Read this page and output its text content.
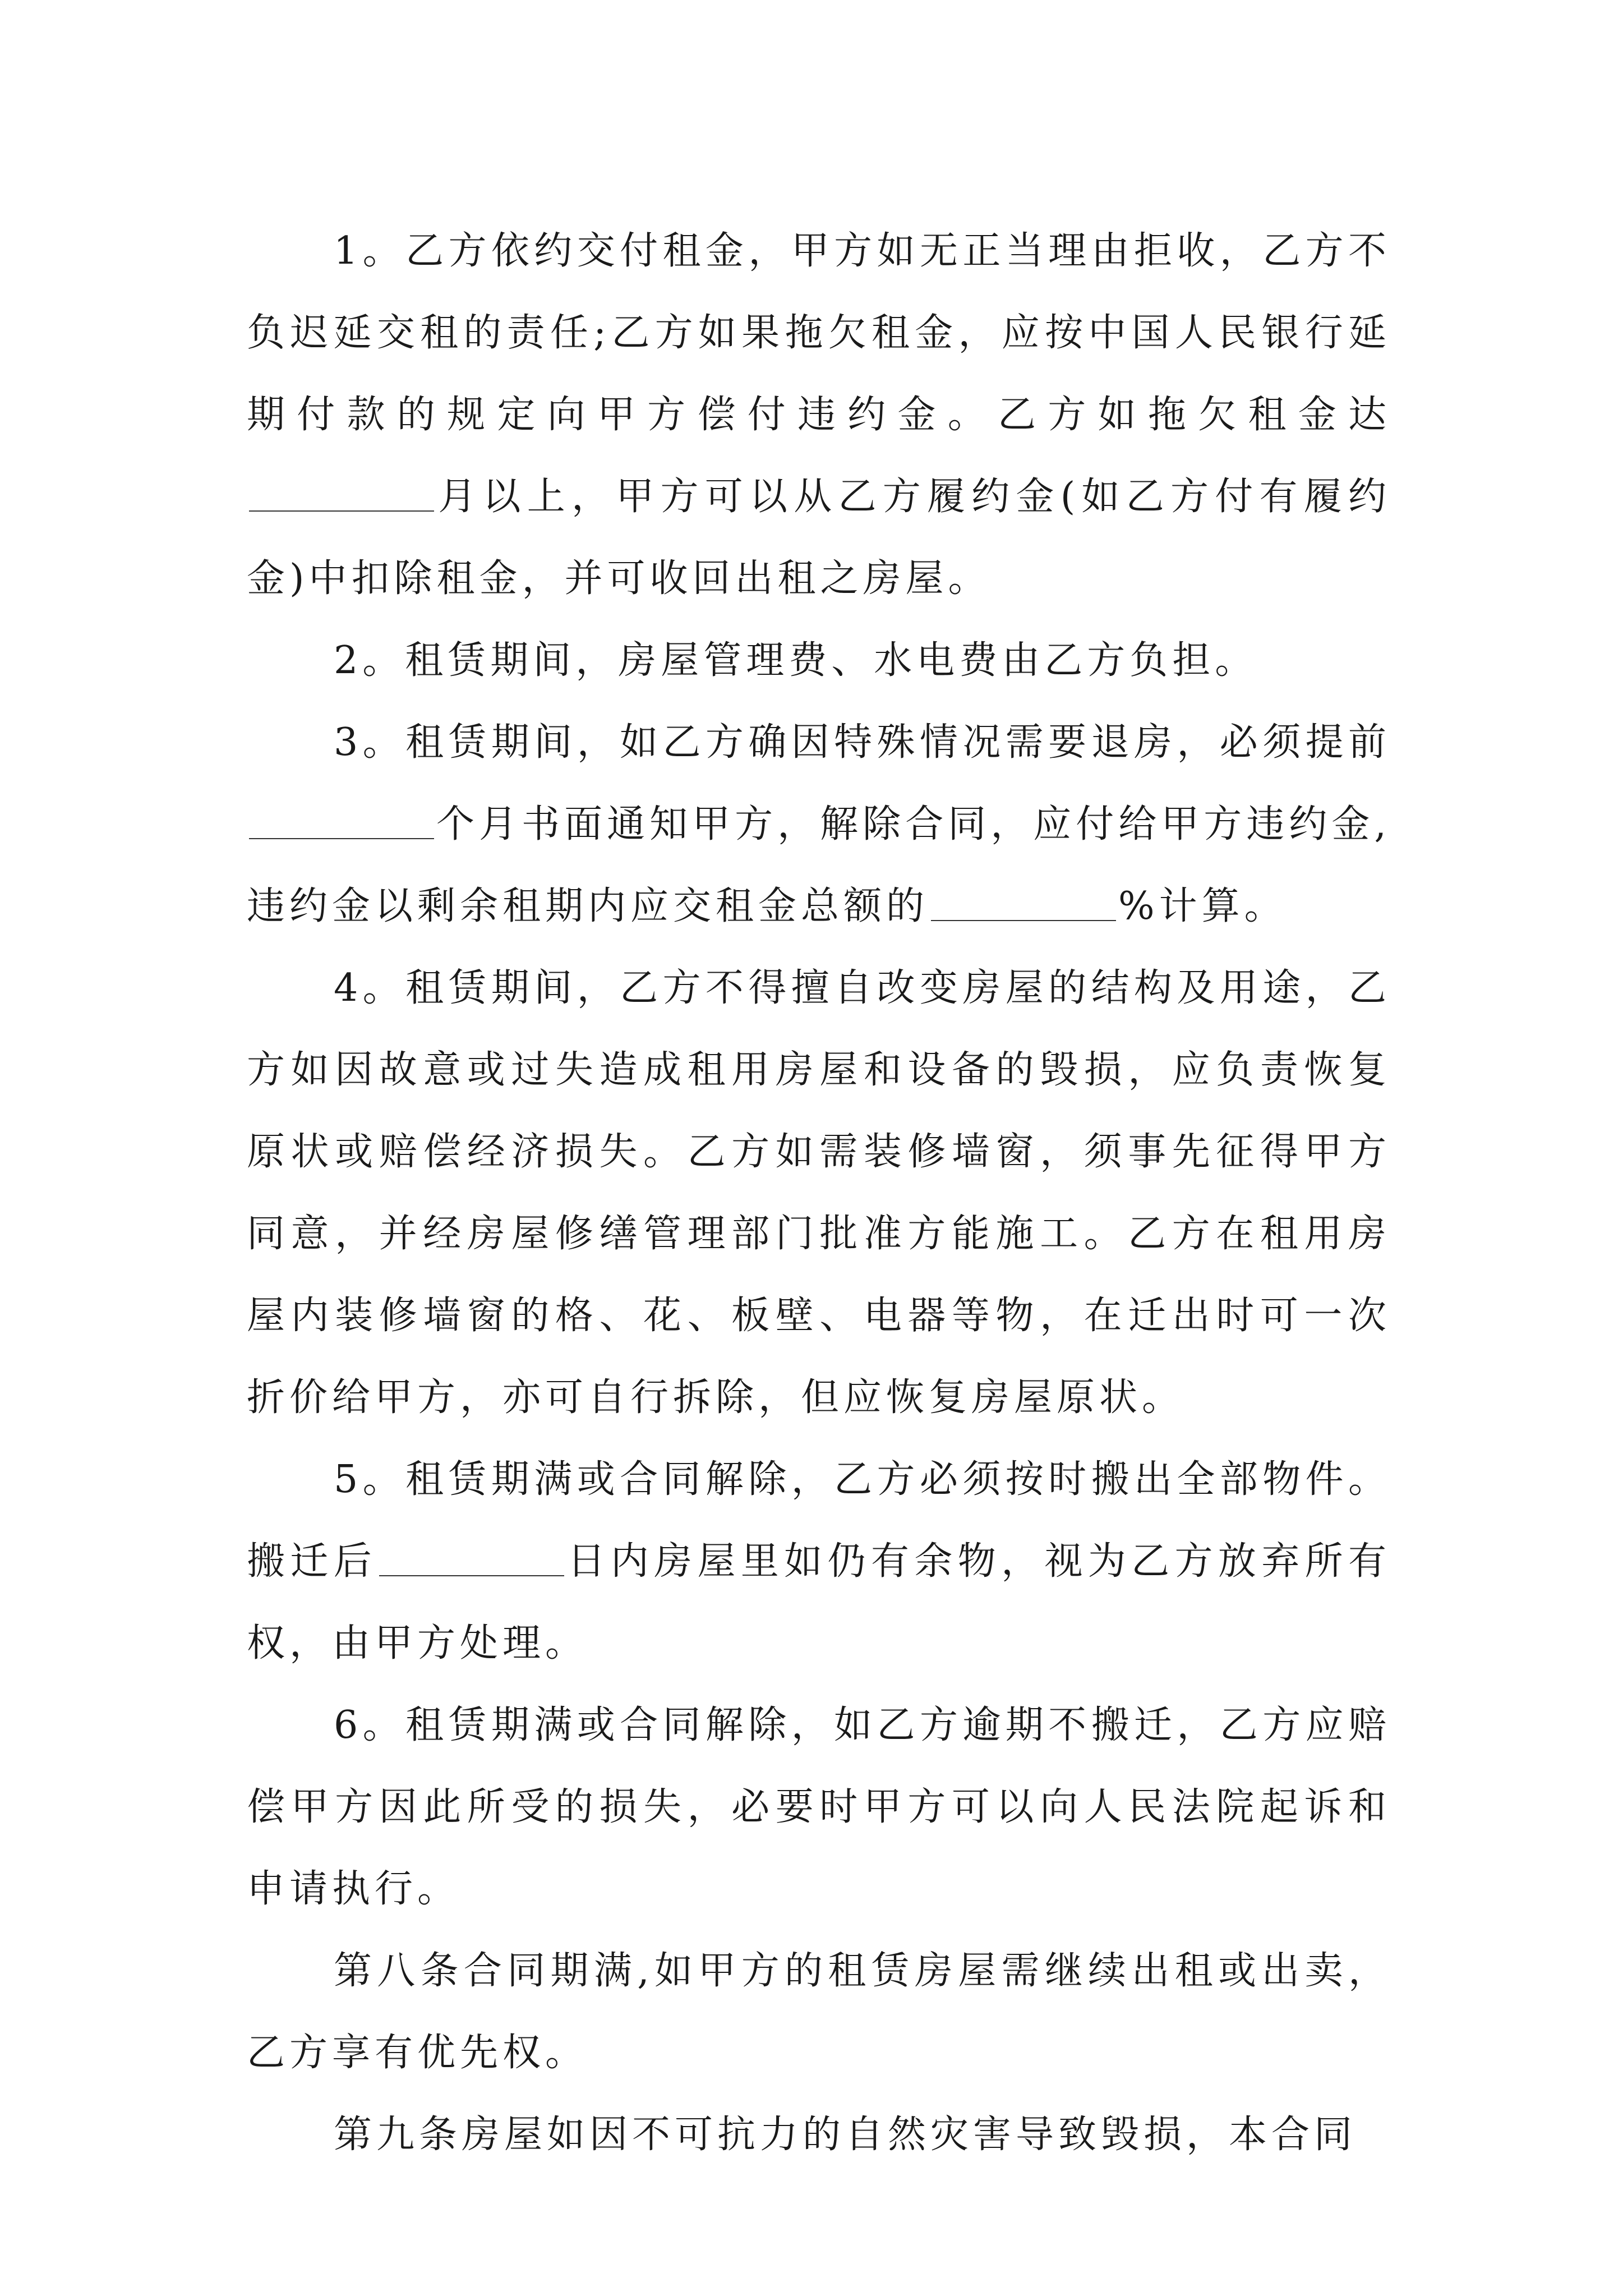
1。乙方依约交付租金，甲方如无正当理由拒收，乙方不负迟延交租的责任;乙方如果拖欠租金，应按中国人民银行延期付款的规定向甲方偿付违约金。乙方如拖欠租金达月以上，甲方可以从乙方履约金(如乙方付有履约金)中扣除租金，并可收回出租之房屋。

2。租赁期间，房屋管理费、水电费由乙方负担。

3。租赁期间，如乙方确因特殊情况需要退房，必须提前个月书面通知甲方，解除合同，应付给甲方违约金,违约金以剩余租期内应交租金总额的	%计算。

4。租赁期间，乙方不得擅自改变房屋的结构及用途，乙方如因故意或过失造成租用房屋和设备的毁损，应负责恢复原状或赔偿经济损失。乙方如需装修墙窗，须事先征得甲方同意，并经房屋修缮管理部门批准方能施工。乙方在租用房屋内装修墙窗的格、花、板壁、电器等物，在迁出时可一次折价给甲方，亦可自行拆除，但应恢复房屋原状。

5。租赁期满或合同解除，乙方必须按时搬出全部物件。搬迁后	日内房屋里如仍有余物，视为乙方放弃所有权，由甲方处理。

6。租赁期满或合同解除，如乙方逾期不搬迁，乙方应赔偿甲方因此所受的损失，必要时甲方可以向人民法院起诉和申请执行。

第八条合同期满,如甲方的租赁房屋需继续出租或出卖，乙方享有优先权。

第九条房屋如因不可抗力的自然灾害导致毁损，本合同
